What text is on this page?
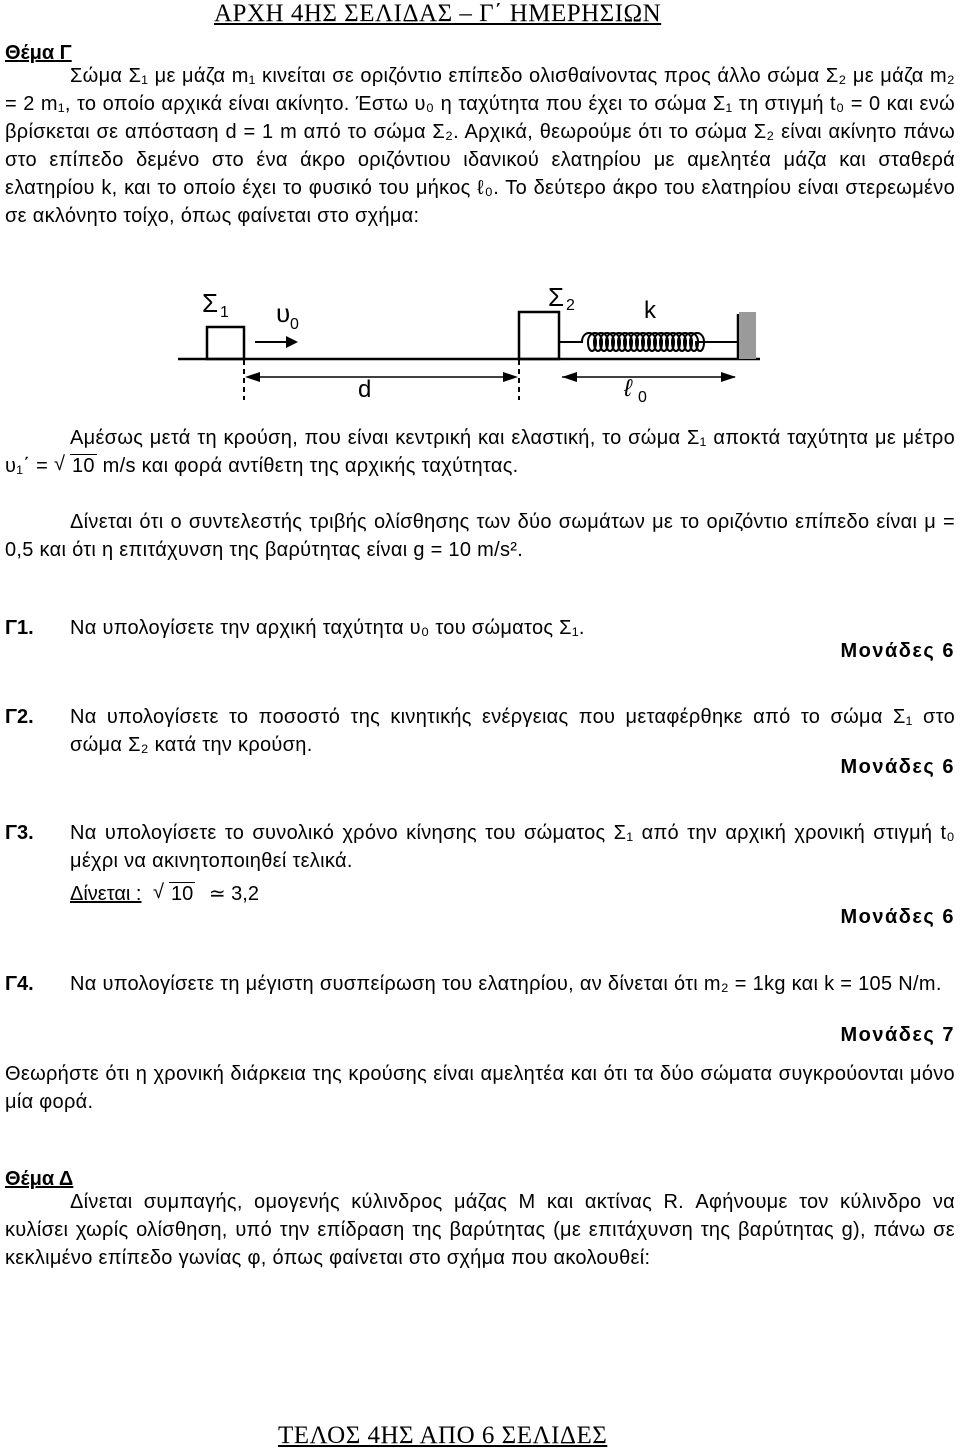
ΑΡΧΗ 4ΗΣ ΣΕΛΙΔΑΣ – Γ΄ ΗΜΕΡΗΣΙΩΝ
Θέμα Γ

Σώμα Σ₁ με μάζα m₁ κινείται σε οριζόντιο επίπεδο ολισθαίνοντας προς άλλο σώμα Σ₂ με μάζα m₂ = 2 m₁, το οποίο αρχικά είναι ακίνητο. Έστω υ₀ η ταχύτητα που έχει το σώμα Σ₁ τη στιγμή t₀ = 0 και ενώ βρίσκεται σε απόσταση d = 1 m από το σώμα Σ₂. Αρχικά, θεωρούμε ότι το σώμα Σ₂ είναι ακίνητο πάνω στο επίπεδο δεμένο στο ένα άκρο οριζόντιου ιδανικού ελατηρίου με αμελητέα μάζα και σταθερά ελατηρίου k, και το οποίο έχει το φυσικό του μήκος ℓ₀. Το δεύτερο άκρο του ελατηρίου είναι στερεωμένο σε ακλόνητο τοίχο, όπως φαίνεται στο σχήμα:

Σ 1 υ 0
Σ 2	k
d	ℓ 0

Αμέσως μετά τη κρούση, που είναι κεντρική και ελαστική, το σώμα Σ₁ αποκτά ταχύτητα με μέτρο υ₁΄ = √ 10 m/s και φορά αντίθετη της αρχικής ταχύτητας.

Δίνεται ότι ο συντελεστής τριβής ολίσθησης των δύο σωμάτων με το οριζόντιο επίπεδο είναι μ = 0,5 και ότι η επιτάχυνση της βαρύτητας είναι g = 10 m/s².

Γ1. Να υπολογίσετε την αρχική ταχύτητα υ₀ του σώματος Σ₁.

Μονάδες 6
Γ2. Να υπολογίσετε το ποσοστό της κινητικής ενέργειας που μεταφέρθηκε από το σώμα Σ₁ στο σώμα Σ₂ κατά την κρούση.

Μονάδες 6
Γ3. Να υπολογίσετε το συνολικό χρόνο κίνησης του σώματος Σ₁ από την αρχική χρονική στιγμή t₀ μέχρι να ακινητοποιηθεί τελικά.

Δίνεται : √ 10 ≃ 3,2
Μονάδες 6
Γ4. Να υπολογίσετε τη μέγιστη συσπείρωση του ελατηρίου, αν δίνεται ότι m₂ = 1kg και k = 105 N/m.

Μονάδες 7

Θεωρήστε ότι η χρονική διάρκεια της κρούσης είναι αμελητέα και ότι τα δύο σώματα συγκρούονται μόνο μία φορά.

Θέμα Δ

Δίνεται συμπαγής, ομογενής κύλινδρος μάζας M και ακτίνας R. Αφήνουμε τον κύλινδρο να κυλίσει χωρίς ολίσθηση, υπό την επίδραση της βαρύτητας (με επιτάχυνση της βαρύτητας g), πάνω σε κεκλιμένο επίπεδο γωνίας φ, όπως φαίνεται στο σχήμα που ακολουθεί:

ΤΕΛΟΣ 4ΗΣ ΑΠΟ 6 ΣΕΛΙΔΕΣ
